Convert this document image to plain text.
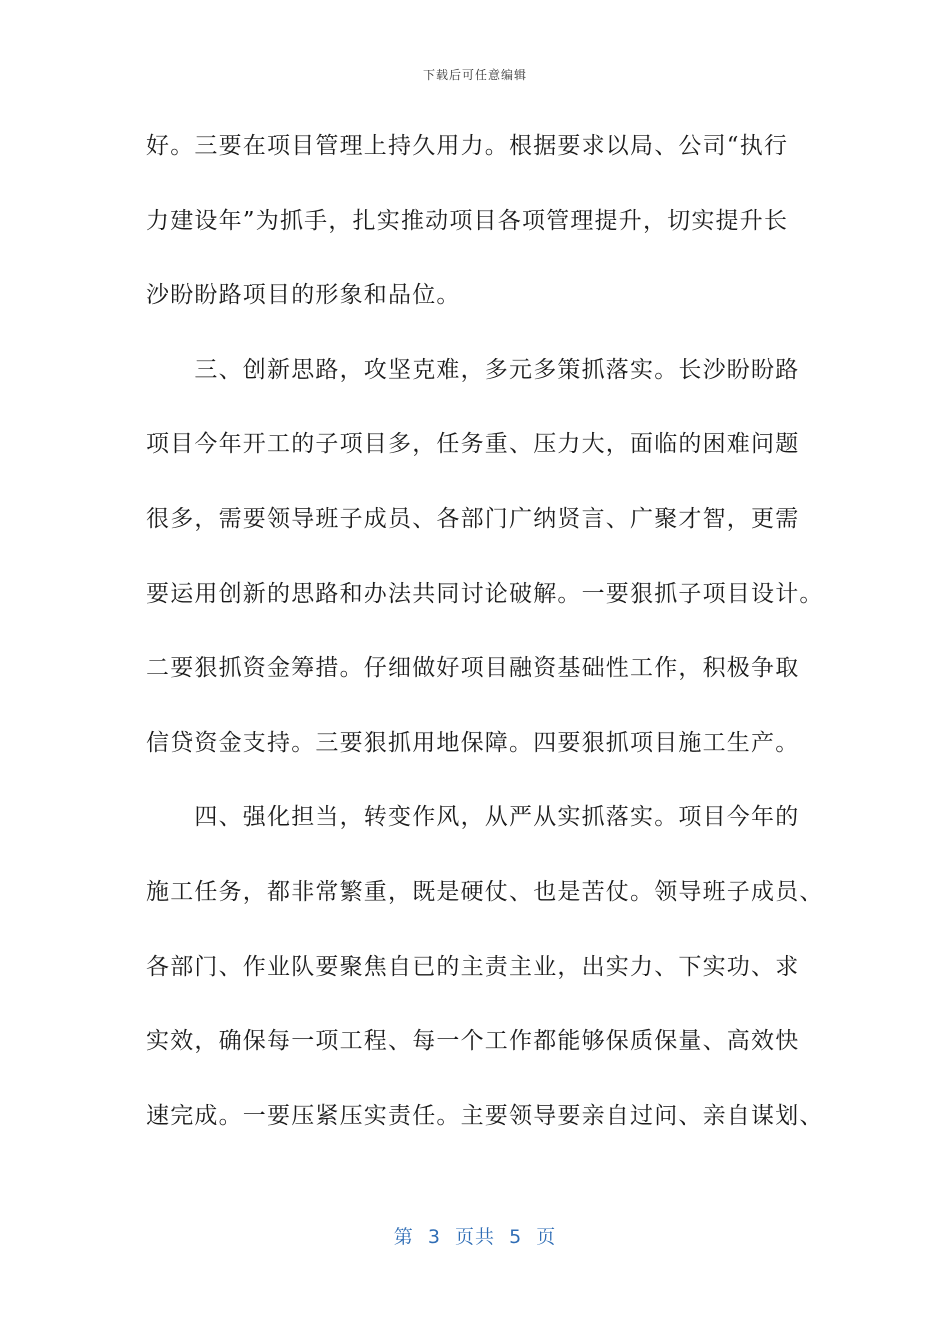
下载后可任意编辑
好。三要在项目管理上持久用力。根据要求以局、公司“执行
力建设年”为抓手，扎实推动项目各项管理提升，切实提升长
沙盼盼路项目的形象和品位。
　　三、创新思路，攻坚克难，多元多策抓落实。长沙盼盼路
项目今年开工的子项目多，任务重、压力大，面临的困难问题
很多，需要领导班子成员、各部门广纳贤言、广聚才智，更需
要运用创新的思路和办法共同讨论破解。一要狠抓子项目设计。
二要狠抓资金筹措。仔细做好项目融资基础性工作，积极争取
信贷资金支持。三要狠抓用地保障。四要狠抓项目施工生产。
　　四、强化担当，转变作风，从严从实抓落实。项目今年的
施工任务，都非常繁重，既是硬仗、也是苦仗。领导班子成员、
各部门、作业队要聚焦自已的主责主业，出实力、下实功、求
实效，确保每一项工程、每一个工作都能够保质保量、高效快
速完成。一要压紧压实责任。主要领导要亲自过问、亲自谋划、
第  3  页共  5  页
